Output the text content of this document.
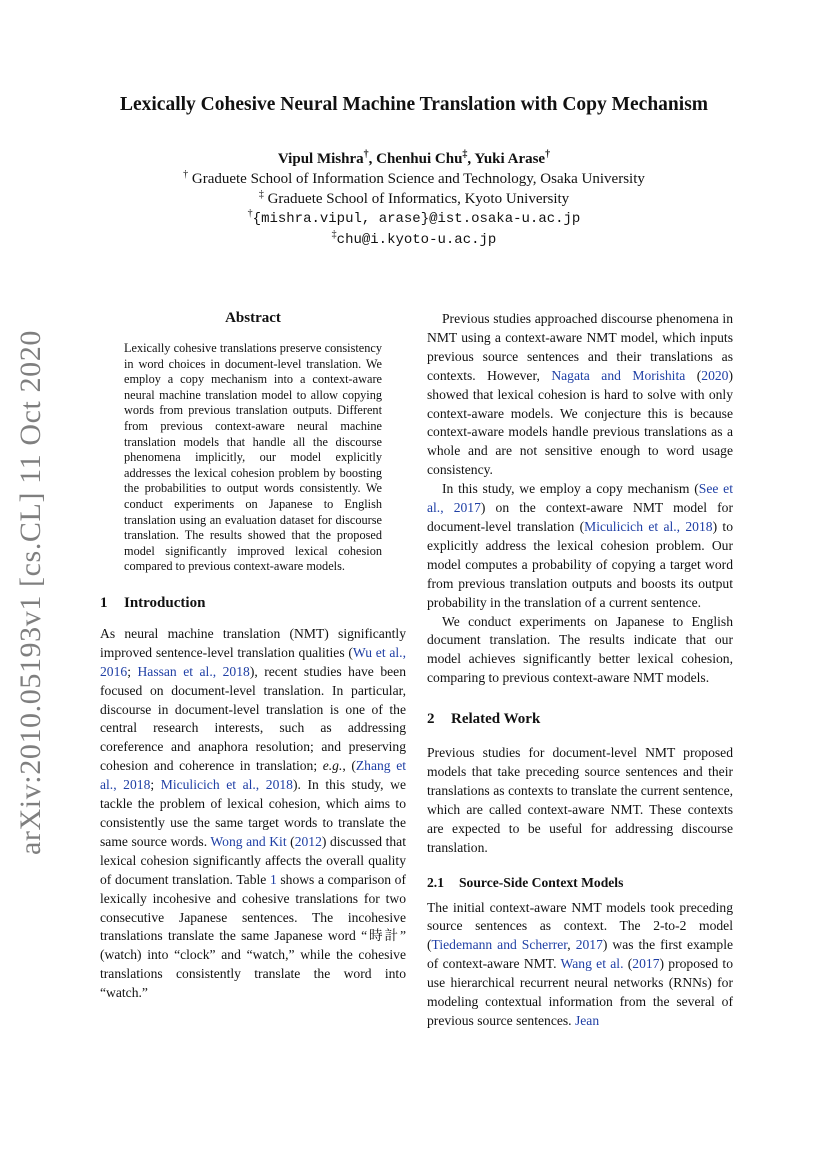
arXiv:2010.05193v1 [cs.CL] 11 Oct 2020
Lexically Cohesive Neural Machine Translation with Copy Mechanism
Vipul Mishra†, Chenhui Chu‡, Yuki Arase†
† Graduete School of Information Science and Technology, Osaka University
‡ Graduete School of Informatics, Kyoto University
†{mishra.vipul, arase}@ist.osaka-u.ac.jp
‡chu@i.kyoto-u.ac.jp
Abstract

Lexically cohesive translations preserve consistency in word choices in document-level translation. We employ a copy mechanism into a context-aware neural machine translation model to allow copying words from previous translation outputs. Different from previous context-aware neural machine translation models that handle all the discourse phenomena implicitly, our model explicitly addresses the lexical cohesion problem by boosting the probabilities to output words consistently. We conduct experiments on Japanese to English translation using an evaluation dataset for discourse translation. The results showed that the proposed model significantly improved lexical cohesion compared to previous context-aware models.

1 Introduction

As neural machine translation (NMT) significantly improved sentence-level translation qualities (Wu et al., 2016; Hassan et al., 2018), recent studies have been focused on document-level translation. In particular, discourse in document-level translation is one of the central research interests, such as addressing coreference and anaphora resolution; and preserving cohesion and coherence in translation; e.g., (Zhang et al., 2018; Miculicich et al., 2018). In this study, we tackle the problem of lexical cohesion, which aims to consistently use the same target words to translate the same source words. Wong and Kit (2012) discussed that lexical cohesion significantly affects the overall quality of document translation. Table 1 shows a comparison of lexically incohesive and cohesive translations for two consecutive Japanese sentences. The incohesive translations translate the same Japanese word “時計” (watch) into “clock” and “watch,” while the cohesive translations consistently translate the word into “watch.”

Previous studies approached discourse phenomena in NMT using a context-aware NMT model, which inputs previous source sentences and their translations as contexts. However, Nagata and Morishita (2020) showed that lexical cohesion is hard to solve with only context-aware models. We conjecture this is because context-aware models handle previous translations as a whole and are not sensitive enough to word usage consistency.

In this study, we employ a copy mechanism (See et al., 2017) on the context-aware NMT model for document-level translation (Miculicich et al., 2018) to explicitly address the lexical cohesion problem. Our model computes a probability of copying a target word from previous translation outputs and boosts its output probability in the translation of a current sentence.

We conduct experiments on Japanese to English document translation. The results indicate that our model achieves significantly better lexical cohesion, comparing to previous context-aware NMT models.

2 Related Work

Previous studies for document-level NMT proposed models that take preceding source sentences and their translations as contexts to translate the current sentence, which are called context-aware NMT. These contexts are expected to be useful for addressing discourse translation.

2.1 Source-Side Context Models

The initial context-aware NMT models took preceding source sentences as context. The 2-to-2 model (Tiedemann and Scherrer, 2017) was the first example of context-aware NMT. Wang et al. (2017) proposed to use hierarchical recurrent neural networks (RNNs) for modeling contextual information from the several of previous source sentences. Jean
